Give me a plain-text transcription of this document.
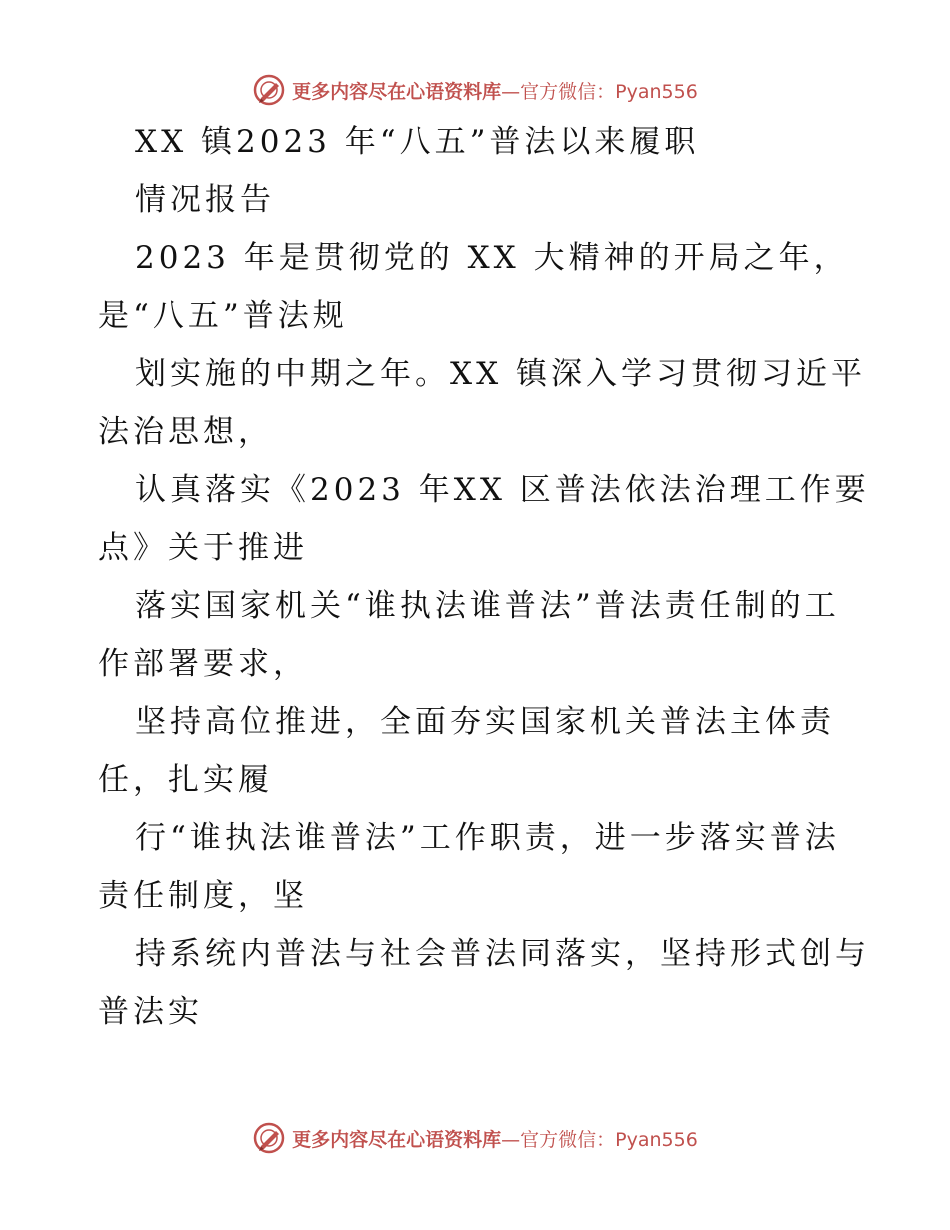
更多内容尽在心语资料库—官方微信：Pyan556
XX 镇2023 年“八五”普法以来履职
情况报告
2023 年是贯彻党的 XX 大精神的开局之年，
是“八五”普法规
划实施的中期之年。XX 镇深入学习贯彻习近平
法治思想，
认真落实《2023 年XX 区普法依法治理工作要
点》关于推进
落实国家机关“谁执法谁普法”普法责任制的工
作部署要求，
坚持高位推进，全面夯实国家机关普法主体责
任，扎实履
行“谁执法谁普法”工作职责，进一步落实普法
责任制度，坚
持系统内普法与社会普法同落实，坚持形式创与
普法实
更多内容尽在心语资料库—官方微信：Pyan556
